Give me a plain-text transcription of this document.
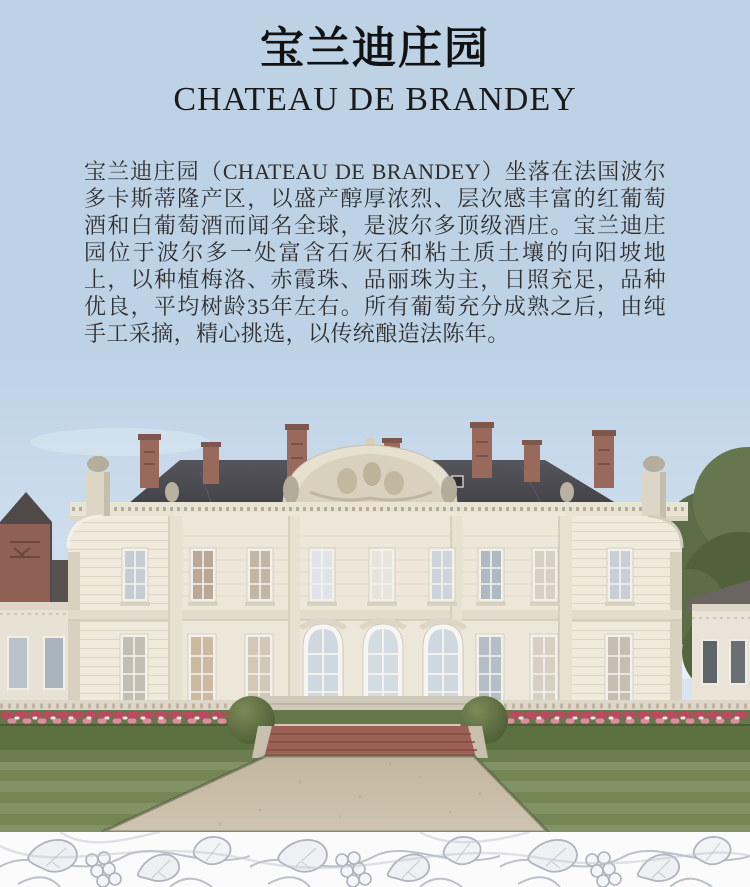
宝兰迪庄园
CHATEAU DE BRANDEY

宝兰迪庄园（CHATEAU DE BRANDEY）坐落在法国波尔多卡斯蒂隆产区，以盛产醇厚浓烈、层次感丰富的红葡萄酒和白葡萄酒而闻名全球，是波尔多顶级酒庄。宝兰迪庄园位于波尔多一处富含石灰石和粘土质土壤的向阳坡地上，以种植梅洛、赤霞珠、品丽珠为主，日照充足，品种优良，平均树龄35年左右。所有葡萄充分成熟之后，由纯手工采摘，精心挑选，以传统酿造法陈年。
